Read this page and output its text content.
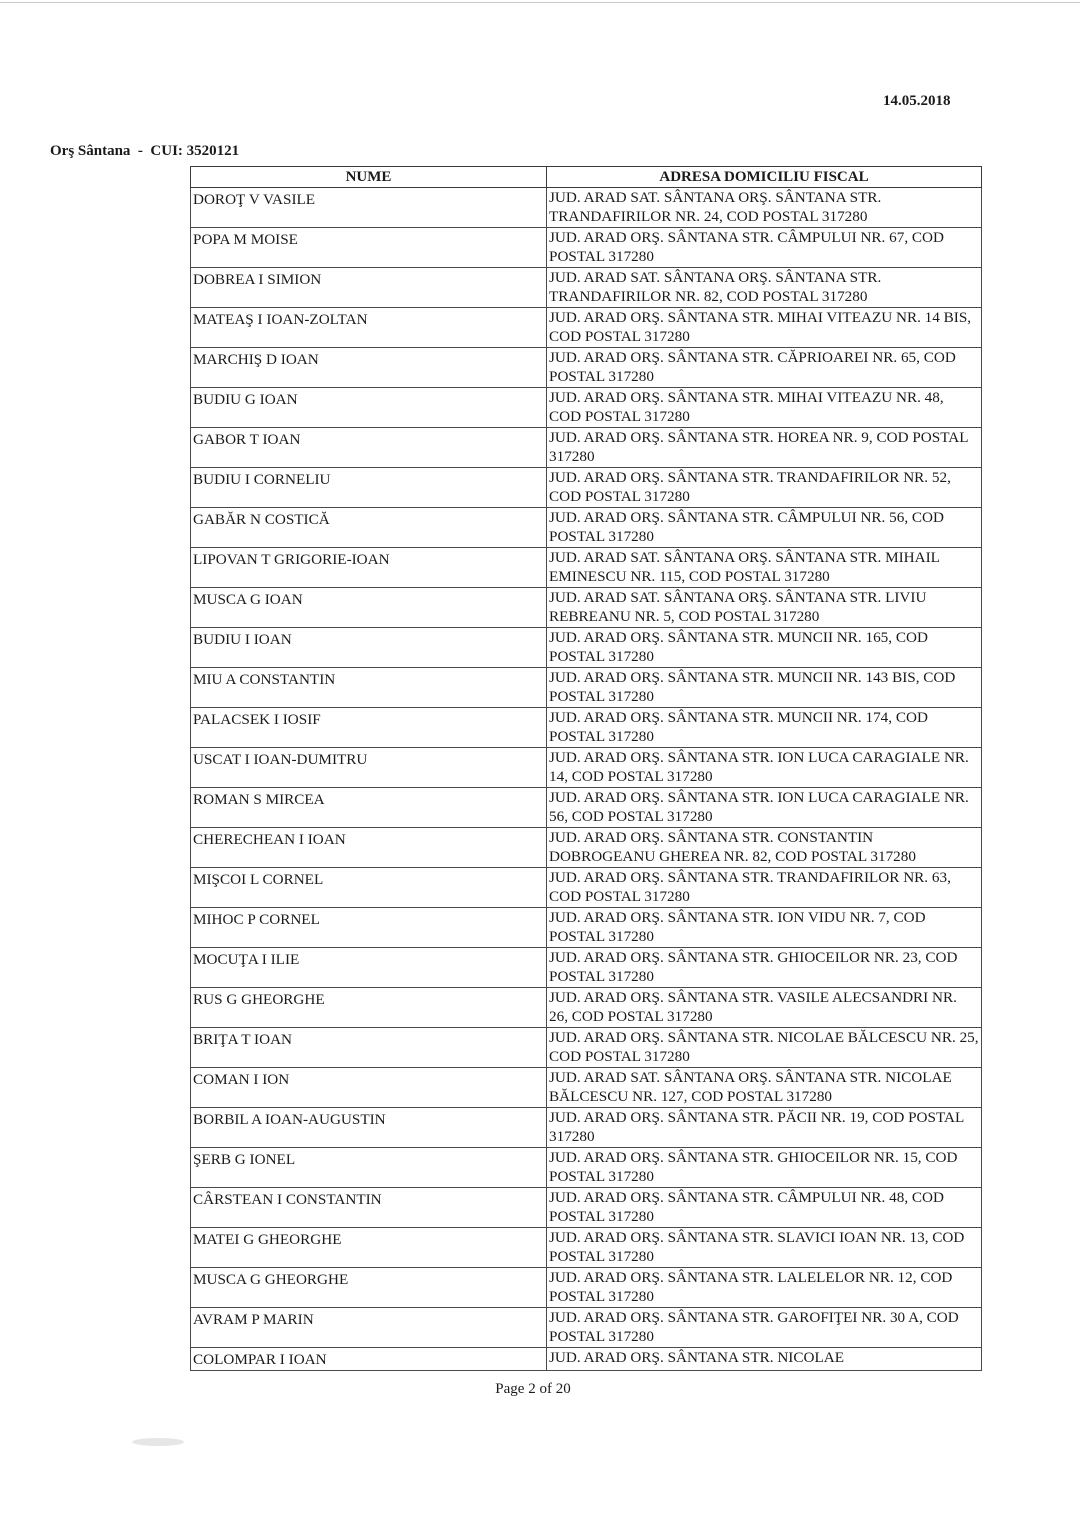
14.05.2018
Orş Sântana  -  CUI: 3520121
NUME	ADRESA DOMICILIU FISCAL
DOROŢ V VASILE	JUD. ARAD SAT. SÂNTANA ORŞ. SÂNTANA STR. TRANDAFIRILOR NR. 24, COD POSTAL 317280
POPA M MOISE	JUD. ARAD ORŞ. SÂNTANA STR. CÂMPULUI NR. 67, COD POSTAL 317280
DOBREA I SIMION	JUD. ARAD SAT. SÂNTANA ORŞ. SÂNTANA STR. TRANDAFIRILOR NR. 82, COD POSTAL 317280
MATEAŞ I IOAN-ZOLTAN	JUD. ARAD ORŞ. SÂNTANA STR. MIHAI VITEAZU NR. 14 BIS, COD POSTAL 317280
MARCHIŞ D IOAN	JUD. ARAD ORŞ. SÂNTANA STR. CĂPRIOAREI NR. 65, COD POSTAL 317280
BUDIU G IOAN	JUD. ARAD ORŞ. SÂNTANA STR. MIHAI VITEAZU NR. 48, COD POSTAL 317280
GABOR T IOAN	JUD. ARAD ORŞ. SÂNTANA STR. HOREA NR. 9, COD POSTAL 317280
BUDIU I CORNELIU	JUD. ARAD ORŞ. SÂNTANA STR. TRANDAFIRILOR NR. 52, COD POSTAL 317280
GABĂR N COSTICĂ	JUD. ARAD ORŞ. SÂNTANA STR. CÂMPULUI NR. 56, COD POSTAL 317280
LIPOVAN T GRIGORIE-IOAN	JUD. ARAD SAT. SÂNTANA ORŞ. SÂNTANA STR. MIHAIL EMINESCU NR. 115, COD POSTAL 317280
MUSCA G IOAN	JUD. ARAD SAT. SÂNTANA ORŞ. SÂNTANA STR. LIVIU REBREANU NR. 5, COD POSTAL 317280
BUDIU I IOAN	JUD. ARAD ORŞ. SÂNTANA STR. MUNCII NR. 165, COD POSTAL 317280
MIU A CONSTANTIN	JUD. ARAD ORŞ. SÂNTANA STR. MUNCII NR. 143 BIS, COD POSTAL 317280
PALACSEK I IOSIF	JUD. ARAD ORŞ. SÂNTANA STR. MUNCII NR. 174, COD POSTAL 317280
USCAT I IOAN-DUMITRU	JUD. ARAD ORŞ. SÂNTANA STR. ION LUCA CARAGIALE NR. 14, COD POSTAL 317280
ROMAN S MIRCEA	JUD. ARAD ORŞ. SÂNTANA STR. ION LUCA CARAGIALE NR. 56, COD POSTAL 317280
CHERECHEAN I IOAN	JUD. ARAD ORŞ. SÂNTANA STR. CONSTANTIN DOBROGEANU GHEREA NR. 82, COD POSTAL 317280
MIŞCOI L CORNEL	JUD. ARAD ORŞ. SÂNTANA STR. TRANDAFIRILOR NR. 63, COD POSTAL 317280
MIHOC P CORNEL	JUD. ARAD ORŞ. SÂNTANA STR. ION VIDU NR. 7, COD POSTAL 317280
MOCUŢA I ILIE	JUD. ARAD ORŞ. SÂNTANA STR. GHIOCEILOR NR. 23, COD POSTAL 317280
RUS G GHEORGHE	JUD. ARAD ORŞ. SÂNTANA STR. VASILE ALECSANDRI NR. 26, COD POSTAL 317280
BRIŢA T IOAN	JUD. ARAD ORŞ. SÂNTANA STR. NICOLAE BĂLCESCU NR. 25, COD POSTAL 317280
COMAN I ION	JUD. ARAD SAT. SÂNTANA ORŞ. SÂNTANA STR. NICOLAE BĂLCESCU NR. 127, COD POSTAL 317280
BORBIL A IOAN-AUGUSTIN	JUD. ARAD ORŞ. SÂNTANA STR. PĂCII NR. 19, COD POSTAL 317280
ŞERB G IONEL	JUD. ARAD ORŞ. SÂNTANA STR. GHIOCEILOR NR. 15, COD POSTAL 317280
CÂRSTEAN I CONSTANTIN	JUD. ARAD ORŞ. SÂNTANA STR. CÂMPULUI NR. 48, COD POSTAL 317280
MATEI G GHEORGHE	JUD. ARAD ORŞ. SÂNTANA STR. SLAVICI IOAN NR. 13, COD POSTAL 317280
MUSCA G GHEORGHE	JUD. ARAD ORŞ. SÂNTANA STR. LALELELOR NR. 12, COD POSTAL 317280
AVRAM P MARIN	JUD. ARAD ORŞ. SÂNTANA STR. GAROFIŢEI NR. 30 A, COD POSTAL 317280
COLOMPAR I IOAN	JUD. ARAD ORŞ. SÂNTANA STR. NICOLAE
Page 2 of 20
